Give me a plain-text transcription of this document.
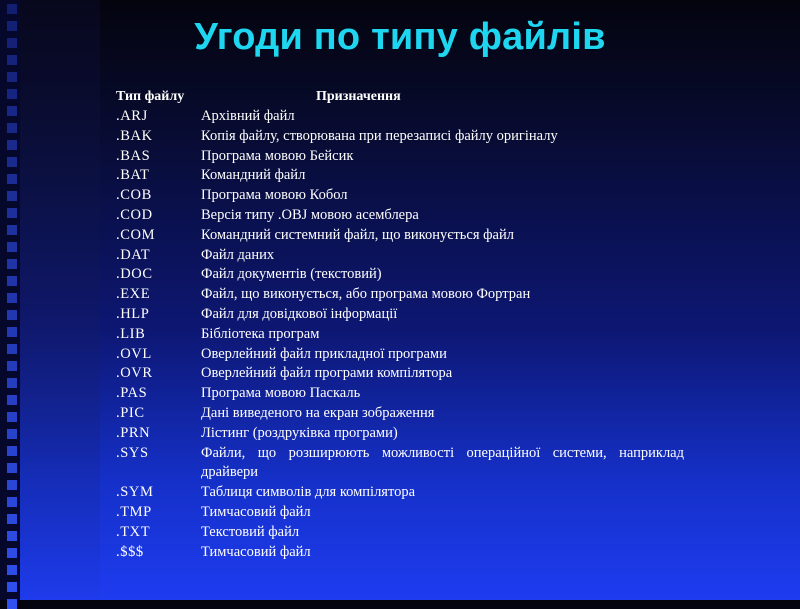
Угоди по типу файлів
Тип файлу	Призначення
.ARJ	Архівний файл
.BAK	Копія файлу, створювана при перезаписі файлу оригіналу
.BAS	Програма мовою Бейсик
.BAT	Командний файл
.COB	Програма мовою Кобол
.COD	Версія типу .OBJ мовою асемблера
.COM	Командний системний файл, що виконується файл
.DAT	Файл даних
.DOC	Файл документів (текстовий)
.EXE	Файл, що виконується, або програма мовою Фортран
.HLP	Файл для довідкової інформації
.LIB	Бібліотека програм
.OVL	Оверлейний файл прикладної програми
.OVR	Оверлейний файл програми компілятора
.PAS	Програма мовою Паскаль
.PIC	Дані виведеного на екран зображення
.PRN	Лістинг (роздруківка програми)
.SYS	Файли, що розширюють можливості операційної системи, наприклад драйвери
.SYM	Таблиця символів для компілятора
.TMP	Тимчасовий файл
.TXT	Текстовий файл
.$$$	Тимчасовий файл
